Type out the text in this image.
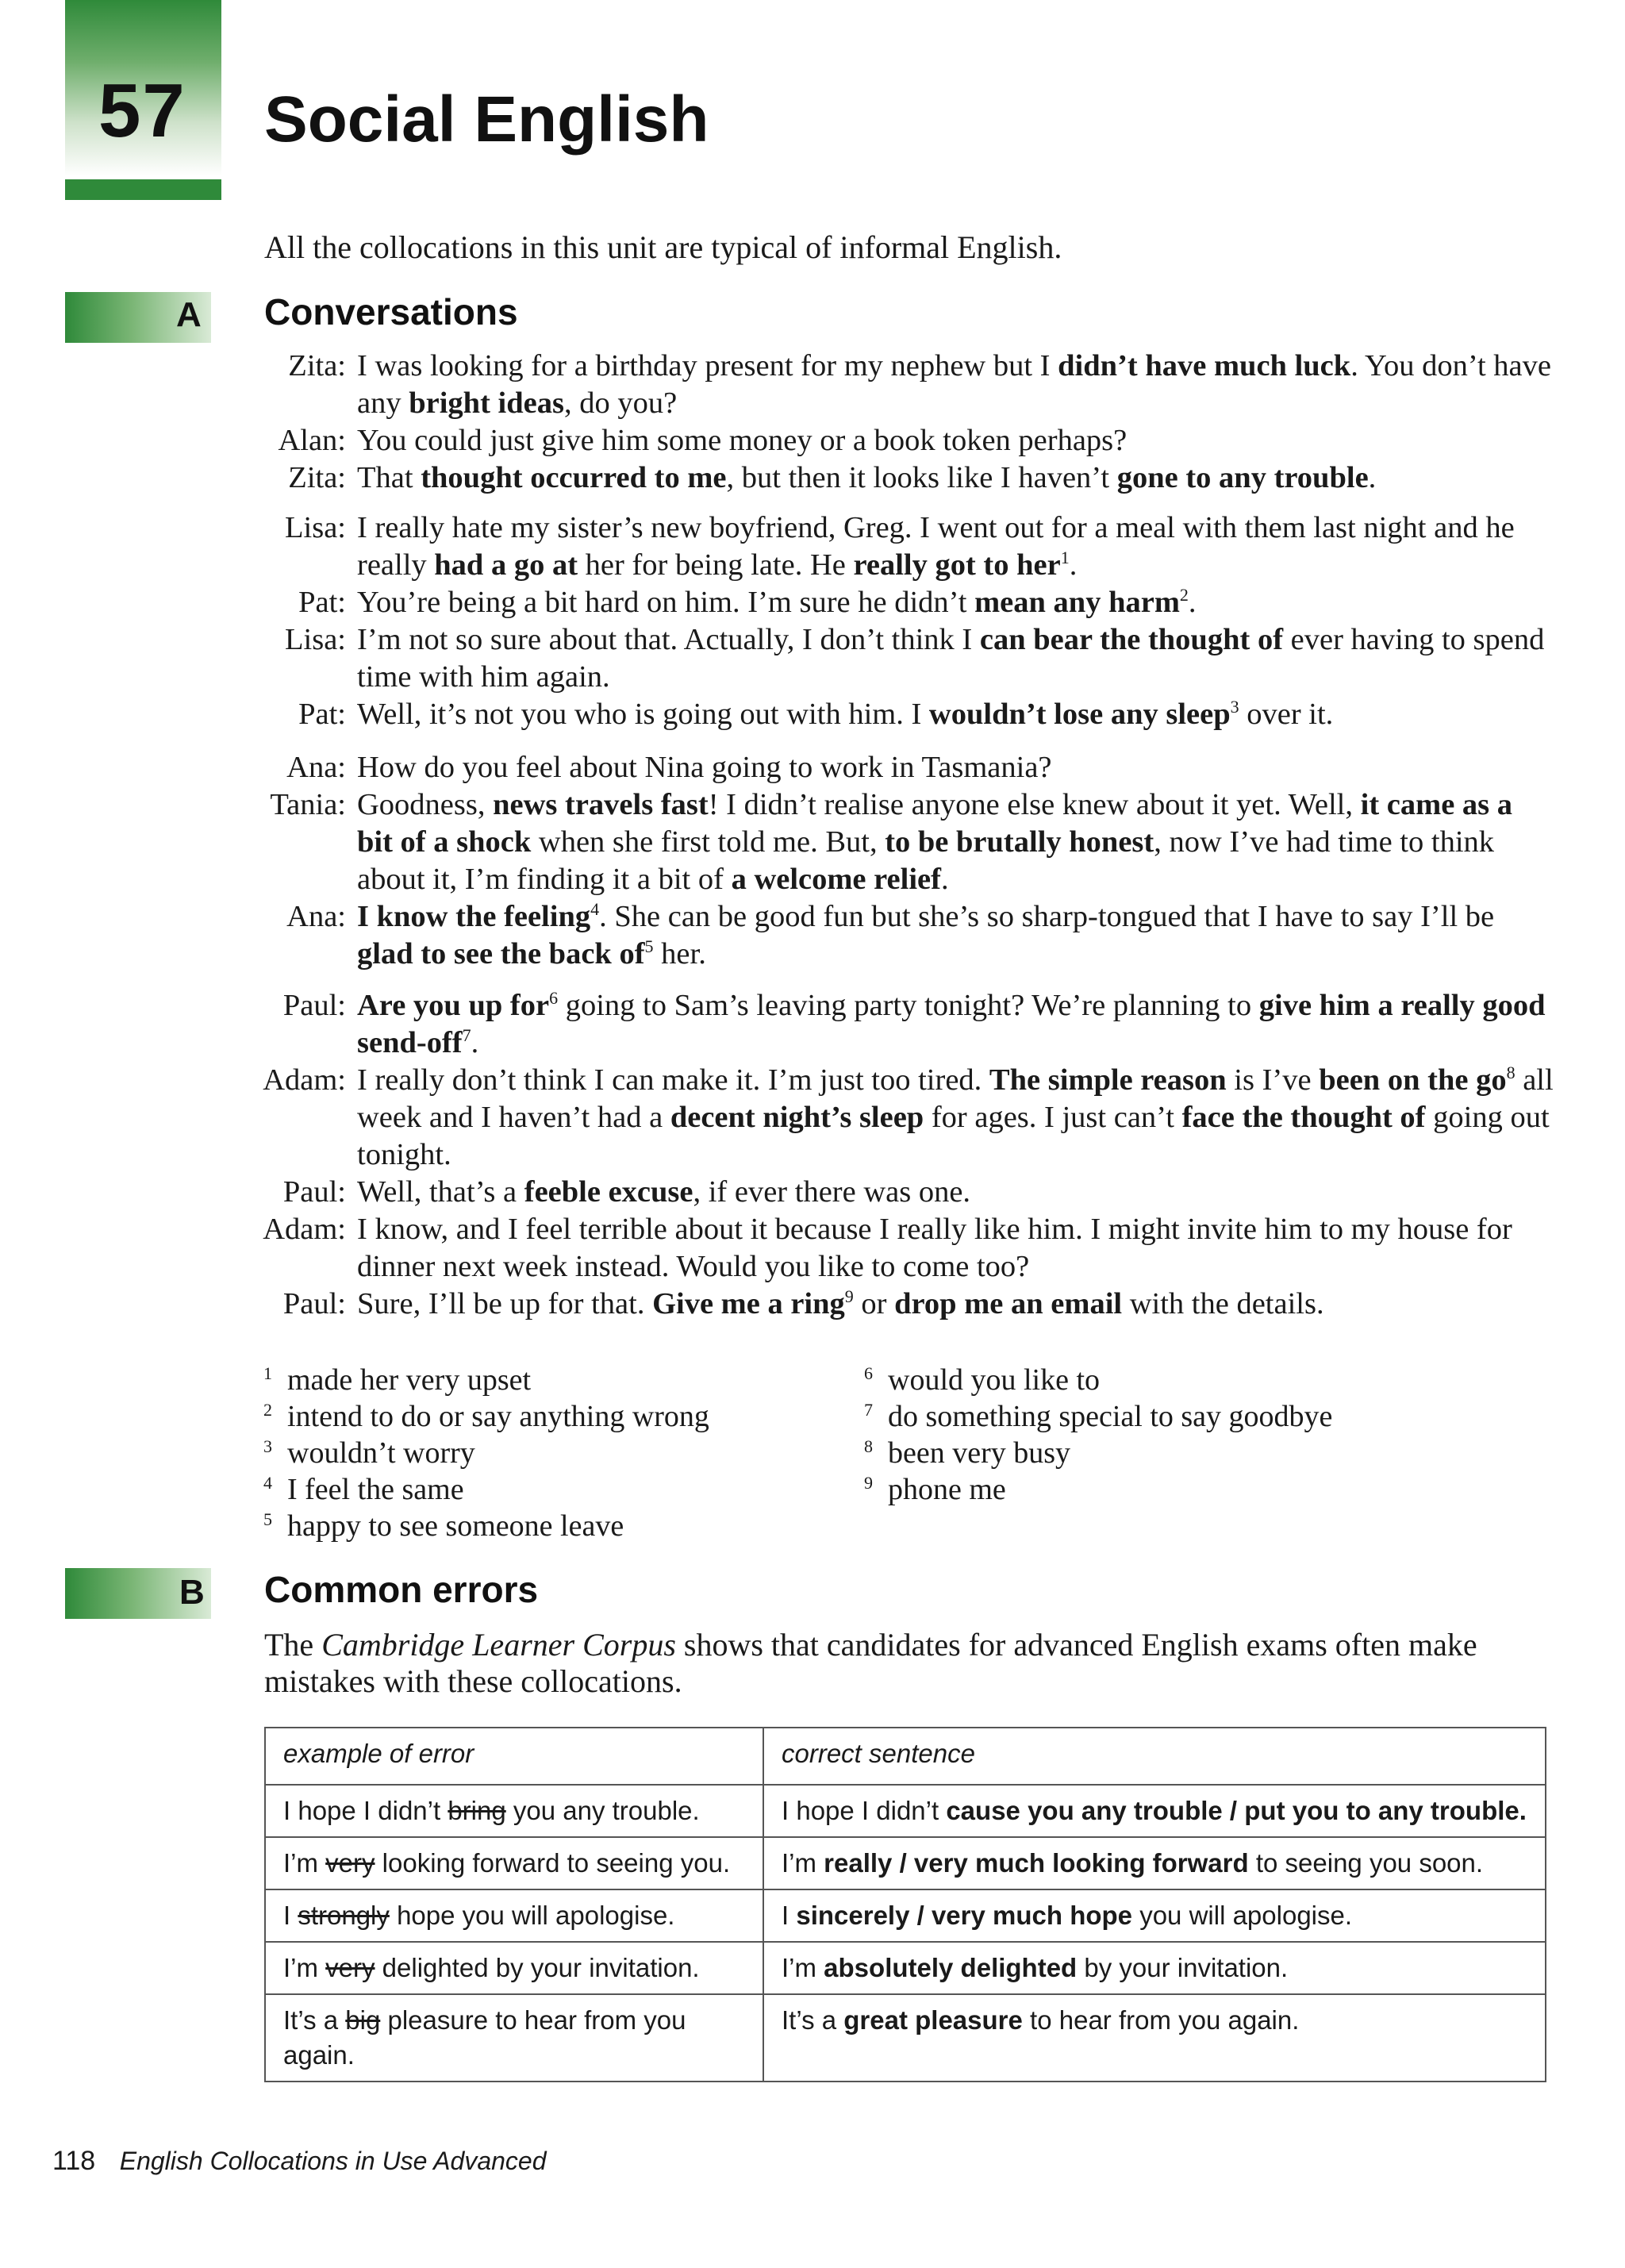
57 Social English
All the collocations in this unit are typical of informal English.
A Conversations
Zita: I was looking for a birthday present for my nephew but I didn’t have much luck. You don’t have any bright ideas, do you?
Alan: You could just give him some money or a book token perhaps?
Zita: That thought occurred to me, but then it looks like I haven’t gone to any trouble.
Lisa: I really hate my sister’s new boyfriend, Greg. I went out for a meal with them last night and he really had a go at her for being late. He really got to her$^1$.
Pat: You’re being a bit hard on him. I’m sure he didn’t mean any harm$^2$.
Lisa: I’m not so sure about that. Actually, I don’t think I can bear the thought of ever having to spend time with him again.
Pat: Well, it’s not you who is going out with him. I wouldn’t lose any sleep$^3$ over it.
Ana: How do you feel about Nina going to work in Tasmania?
Tania: Goodness, news travels fast! I didn’t realise anyone else knew about it yet. Well, it came as a bit of a shock when she first told me. But, to be brutally honest, now I’ve had time to think about it, I’m finding it a bit of a welcome relief.
Ana: I know the feeling$^4$. She can be good fun but she’s so sharp-tongued that I have to say I’ll be glad to see the back $of^5$ her.
Paul: Are you up for$^6$ going to Sam’s leaving party tonight? We’re planning to give him a really good send-off$^7$.
Adam: I really don’t think I can make it. I’m just too tired. The simple reason is I’ve been on the $go^8$ all week and I haven’t had a decent night’s sleep for ages. I just can’t face the thought of going out tonight.
Paul: Well, that’s a feeble excuse, if ever there was one.
Adam: I know, and I feel terrible about it because I really like him. I might invite him to my house for dinner next week instead. Would you like to come too?
Paul: Sure, I’ll be up for that. Give me a ring$^9$ or drop me an email with the details.
1 made her very upset
2 intend to do or say anything wrong
3 wouldn’t worry
4 I feel the same
5 happy to see someone leave
6 would you like to
7 do something special to say goodbye
8 been very busy
9 phone me
B Common errors
The Cambridge Learner Corpus shows that candidates for advanced English exams often make mistakes with these collocations.
example of error	correct sentence
I hope I didn’t bring you any trouble.	I hope I didn’t cause you any trouble / put you to any trouble.
I’m very looking forward to seeing you.	I’m really / very much looking forward to seeing you soon.
I strongly hope you will apologise.	I sincerely / very much hope you will apologise.
I’m very delighted by your invitation.	I’m absolutely delighted by your invitation.
It’s a big pleasure to hear from you again.	It’s a great pleasure to hear from you again.
118 English Collocations in Use Advanced
